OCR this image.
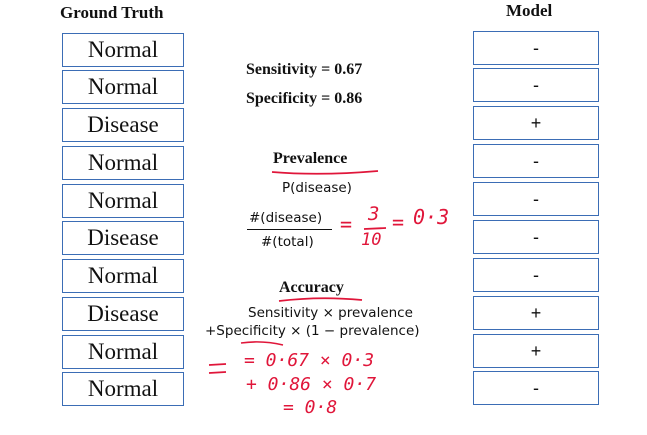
Ground Truth	Model
Normal
Normal
Disease
Normal
Normal
Disease
Normal
Disease
Normal
Normal
-
-
+
-
-
-
-
+
+
-
Sensitivity = 0.67
Specificity = 0.86
Prevalence
P(disease)
#(disease)
#(total)
= 3
10
= 0·3
Accuracy
Sensitivity × prevalence
+Specificity × (1 − prevalence)
= 0·67 × 0·3
+ 0·86 × 0·7
= 0·8
